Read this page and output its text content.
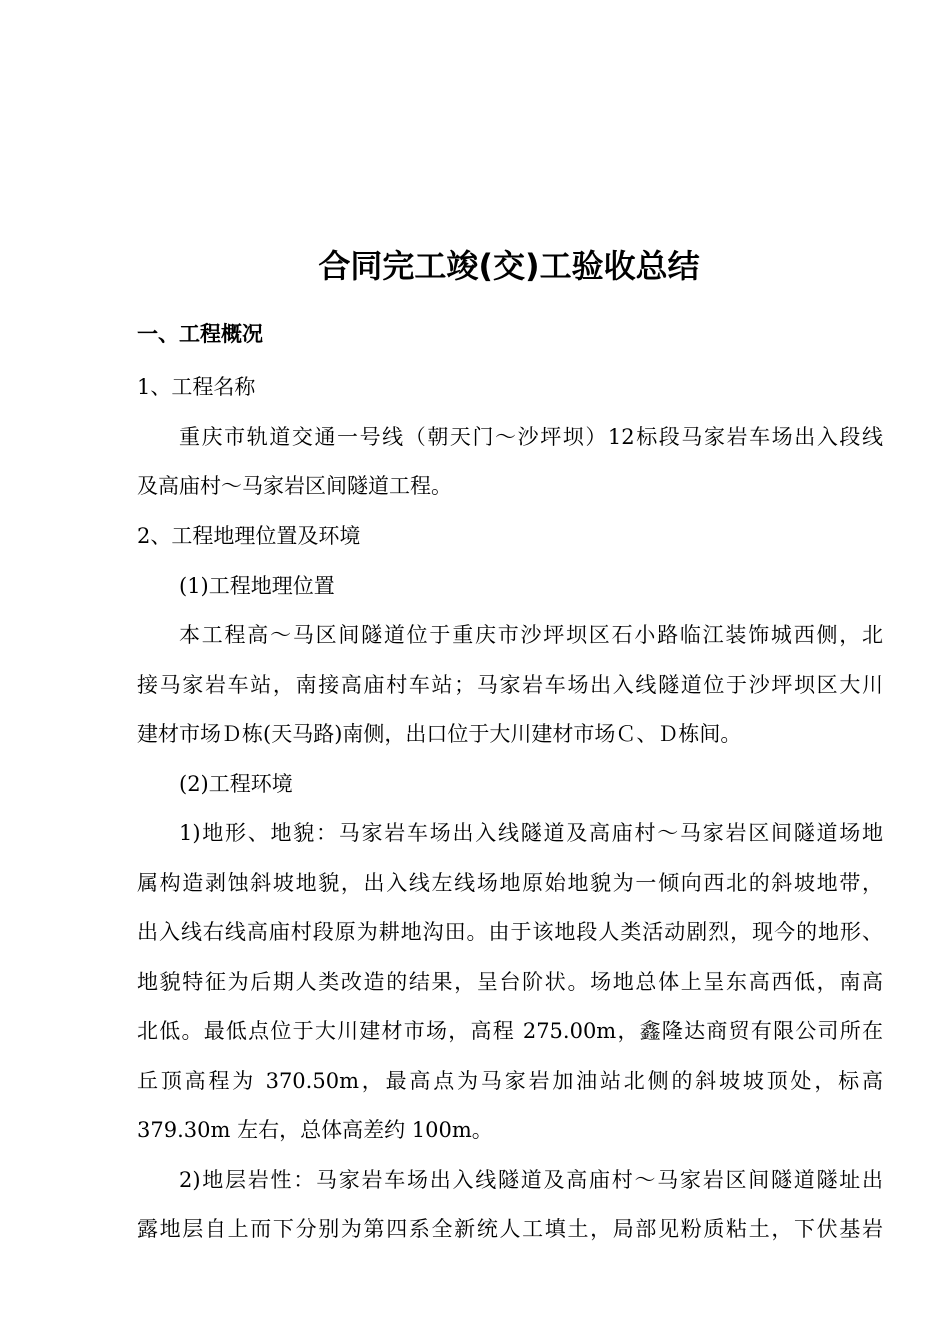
合同完工竣(交)工验收总结
一、工程概况
1、工程名称
重庆市轨道交通一号线（朝天门～沙坪坝）12标段马家岩车场出入段线
及高庙村～马家岩区间隧道工程。
2、工程地理位置及环境
(1)工程地理位置
本工程高～马区间隧道位于重庆市沙坪坝区石小路临江装饰城西侧，北
接马家岩车站，南接高庙村车站；马家岩车场出入线隧道位于沙坪坝区大川
建材市场Ｄ栋(天马路)南侧，出口位于大川建材市场Ｃ、Ｄ栋间。
(2)工程环境
1)地形、地貌：马家岩车场出入线隧道及高庙村～马家岩区间隧道场地
属构造剥蚀斜坡地貌，出入线左线场地原始地貌为一倾向西北的斜坡地带，
出入线右线高庙村段原为耕地沟田。由于该地段人类活动剧烈，现今的地形、
地貌特征为后期人类改造的结果，呈台阶状。场地总体上呈东高西低，南高
北低。最低点位于大川建材市场，高程 275.00m，鑫隆达商贸有限公司所在
丘顶高程为 370.50m，最高点为马家岩加油站北侧的斜坡坡顶处，标高
379.30m 左右，总体高差约 100m。
2)地层岩性：马家岩车场出入线隧道及高庙村～马家岩区间隧道隧址出
露地层自上而下分别为第四系全新统人工填土，局部见粉质粘土，下伏基岩
